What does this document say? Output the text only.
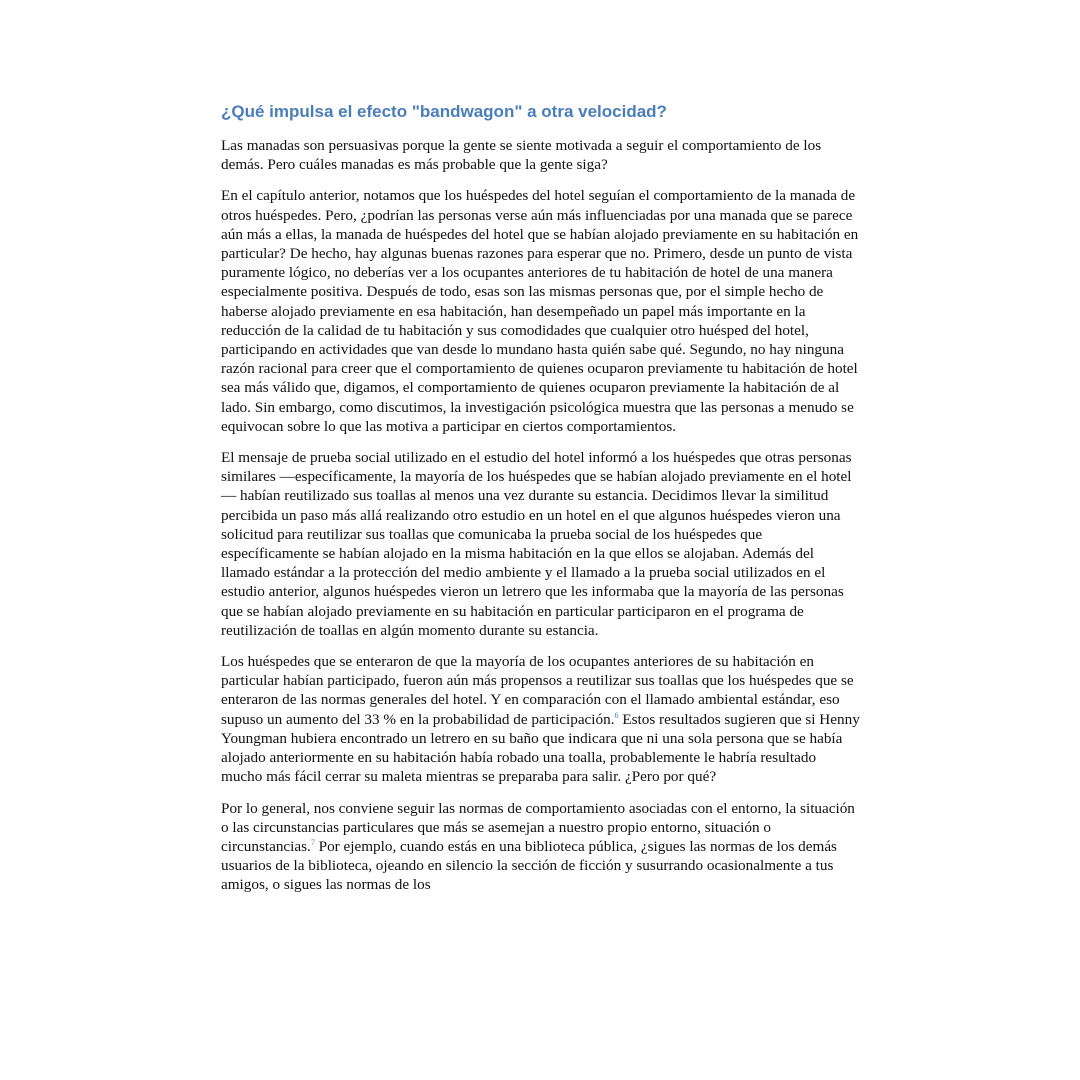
¿Qué impulsa el efecto "bandwagon" a otra velocidad?

Las manadas son persuasivas porque la gente se siente motivada a seguir el comportamiento de los demás. Pero cuáles manadas es más probable que la gente siga?

En el capítulo anterior, notamos que los huéspedes del hotel seguían el comportamiento de la manada de otros huéspedes. Pero, ¿podrían las personas verse aún más influenciadas por una manada que se parece aún más a ellas, la manada de huéspedes del hotel que se habían alojado previamente en su habitación en particular? De hecho, hay algunas buenas razones para esperar que no. Primero, desde un punto de vista puramente lógico, no deberías ver a los ocupantes anteriores de tu habitación de hotel de una manera especialmente positiva. Después de todo, esas son las mismas personas que, por el simple hecho de haberse alojado previamente en esa habitación, han desempeñado un papel más importante en la reducción de la calidad de tu habitación y sus comodidades que cualquier otro huésped del hotel, participando en actividades que van desde lo mundano hasta quién sabe qué. Segundo, no hay ninguna razón racional para creer que el comportamiento de quienes ocuparon previamente tu habitación de hotel sea más válido que, digamos, el comportamiento de quienes ocuparon previamente la habitación de al lado. Sin embargo, como discutimos, la investigación psicológica muestra que las personas a menudo se equivocan sobre lo que las motiva a participar en ciertos comportamientos.

El mensaje de prueba social utilizado en el estudio del hotel informó a los huéspedes que otras personas similares —específicamente, la mayoría de los huéspedes que se habían alojado previamente en el hotel— habían reutilizado sus toallas al menos una vez durante su estancia. Decidimos llevar la similitud percibida un paso más allá realizando otro estudio en un hotel en el que algunos huéspedes vieron una solicitud para reutilizar sus toallas que comunicaba la prueba social de los huéspedes que específicamente se habían alojado en la misma habitación en la que ellos se alojaban. Además del llamado estándar a la protección del medio ambiente y el llamado a la prueba social utilizados en el estudio anterior, algunos huéspedes vieron un letrero que les informaba que la mayoría de las personas que se habían alojado previamente en su habitación en particular participaron en el programa de reutilización de toallas en algún momento durante su estancia.

Los huéspedes que se enteraron de que la mayoría de los ocupantes anteriores de su habitación en particular habían participado, fueron aún más propensos a reutilizar sus toallas que los huéspedes que se enteraron de las normas generales del hotel. Y en comparación con el llamado ambiental estándar, eso supuso un aumento del 33 % en la probabilidad de participación.$^6$ Estos resultados sugieren que si Henny Youngman hubiera encontrado un letrero en su baño que indicara que ni una sola persona que se había alojado anteriormente en su habitación había robado una toalla, probablemente le habría resultado mucho más fácil cerrar su maleta mientras se preparaba para salir. ¿Pero por qué?

Por lo general, nos conviene seguir las normas de comportamiento asociadas con el entorno, la situación o las circunstancias particulares que más se asemejan a nuestro propio entorno, situación o circunstancias.$^7$ Por ejemplo, cuando estás en una biblioteca pública, ¿sigues las normas de los demás usuarios de la biblioteca, ojeando en silencio la sección de ficción y susurrando ocasionalmente a tus amigos, o sigues las normas de los
